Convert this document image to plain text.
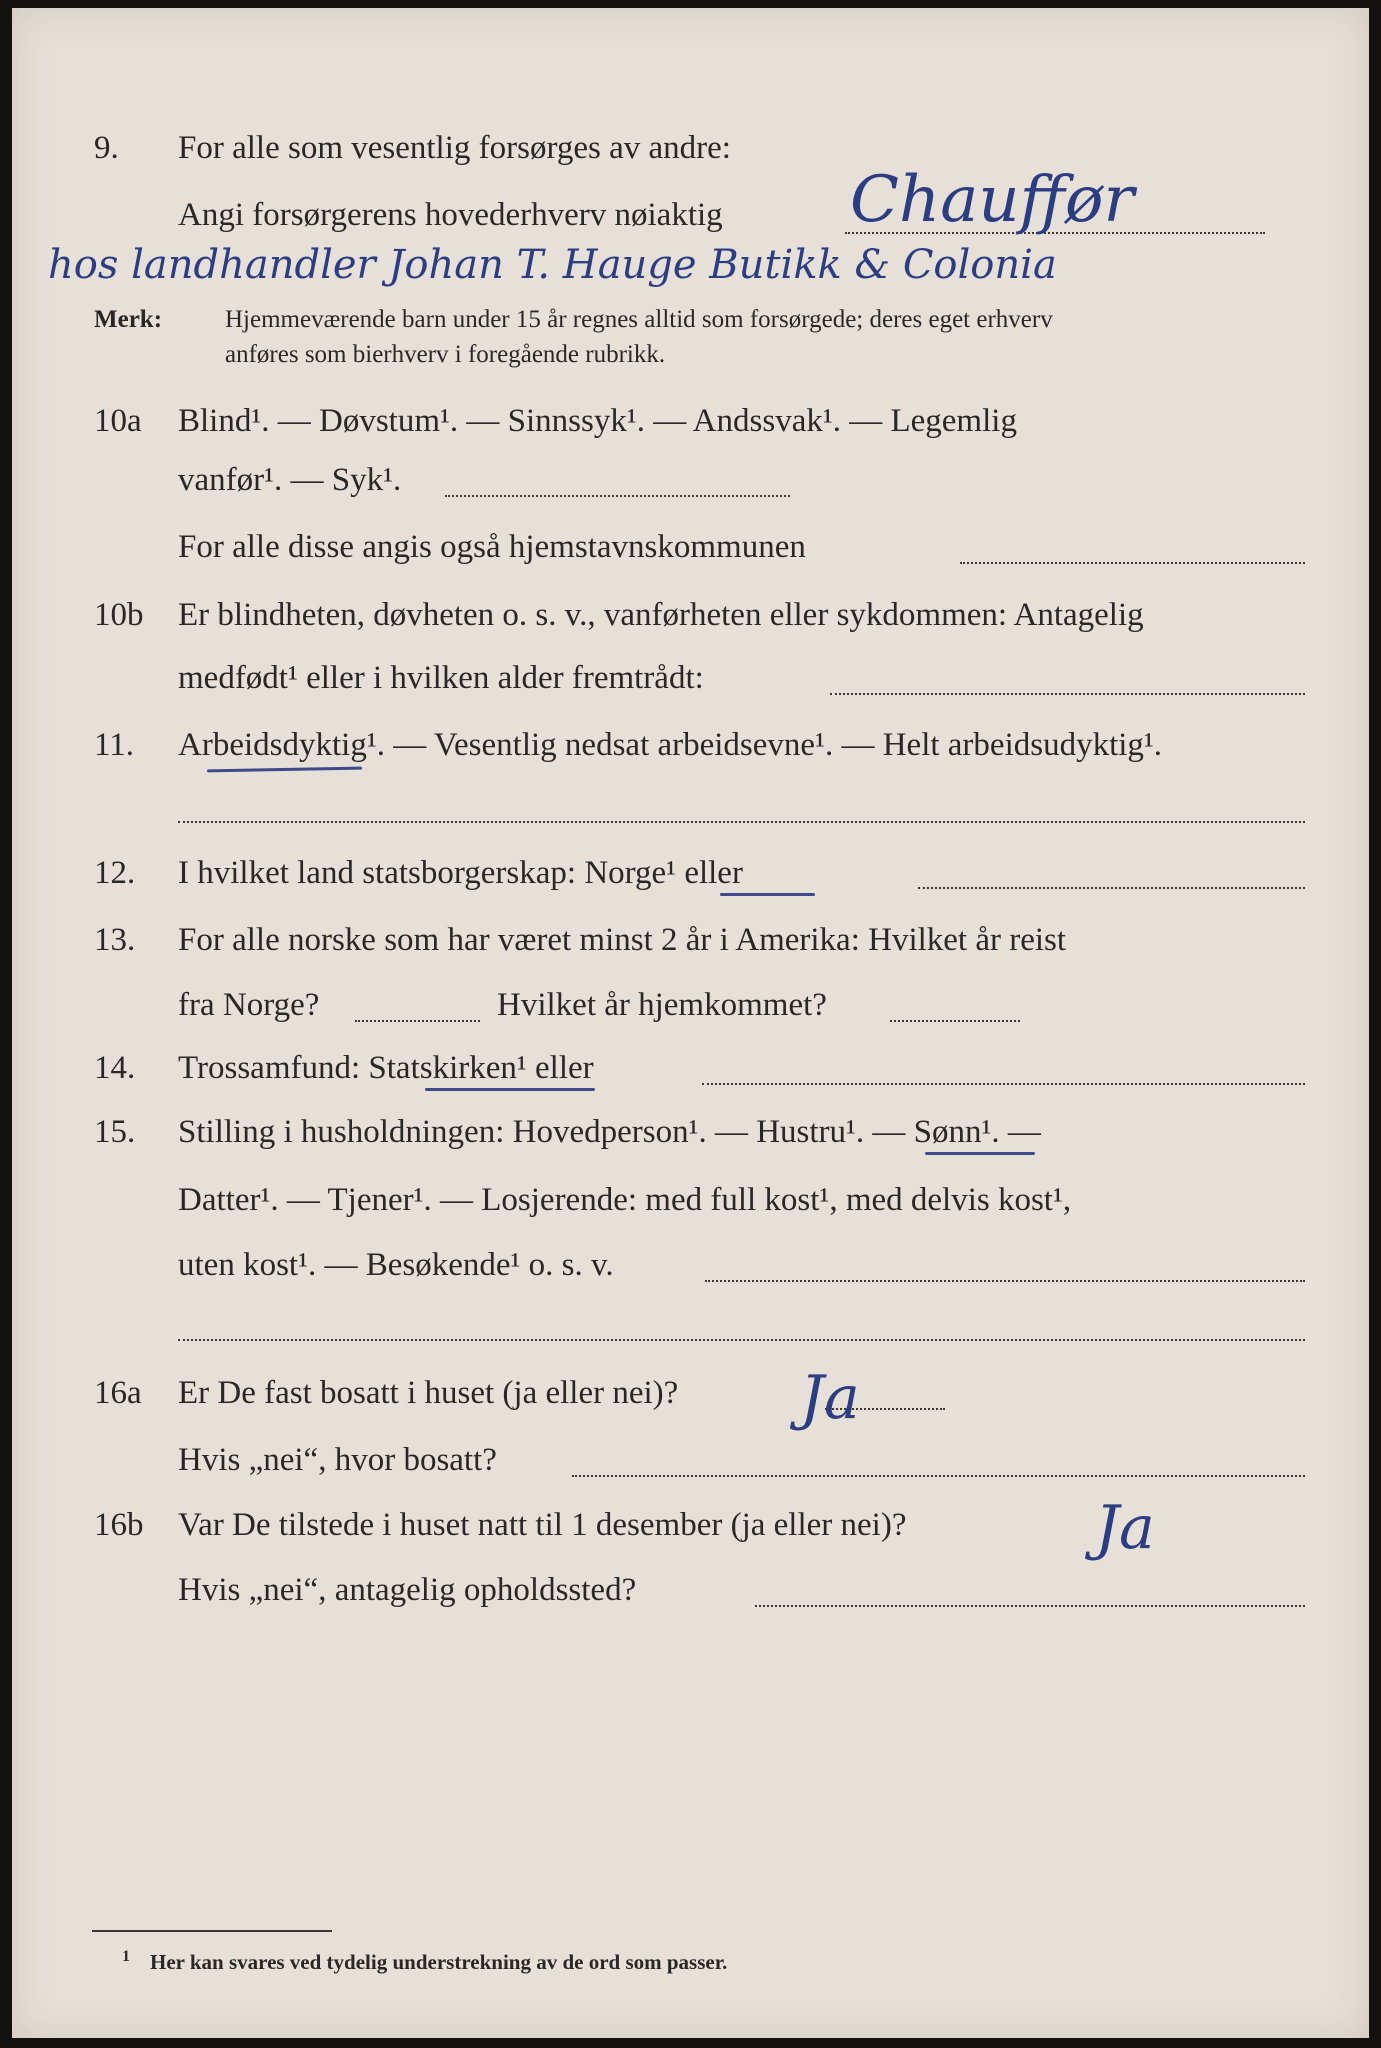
9. For alle som vesentlig forsørges av andre:
Angi forsørgerens hovederhverv nøiaktig Chauffør
hos landhandler Johan T. Hauge Butikk & Colonia
Merk:	Hjemmeværende barn under 15 år regnes alltid som forsørgede; deres eget erhverv
anføres som bierhverv i foregående rubrikk.
10a Blind¹. — Døvstum¹. — Sinnssyk¹. — Andssvak¹. — Legemlig
vanfør¹. — Syk¹.
For alle disse angis også hjemstavnskommunen
10b Er blindheten, døvheten o. s. v., vanførheten eller sykdommen: Antagelig
medfødt¹ eller i hvilken alder fremtrådt:
11. Arbeidsdyktig¹. — Vesentlig nedsat arbeidsevne¹. — Helt arbeidsudyktig¹.
12. I hvilket land statsborgerskap: Norge¹ eller
13. For alle norske som har været minst 2 år i Amerika: Hvilket år reist
fra Norge?	Hvilket år hjemkommet?
14. Trossamfund: Statskirken¹ eller
15. Stilling i husholdningen: Hovedperson¹. — Hustru¹. — Sønn¹. —
Datter¹. — Tjener¹. — Losjerende: med full kost¹, med delvis kost¹,
uten kost¹. — Besøkende¹ o. s. v.
16a Er De fast bosatt i huset (ja eller nei)? Ja
Hvis „nei“, hvor bosatt?
16b Var De tilstede i huset natt til 1 desember (ja eller nei)?	Ja
Hvis „nei“, antagelig opholdssted?
1 Her kan svares ved tydelig understrekning av de ord som passer.
